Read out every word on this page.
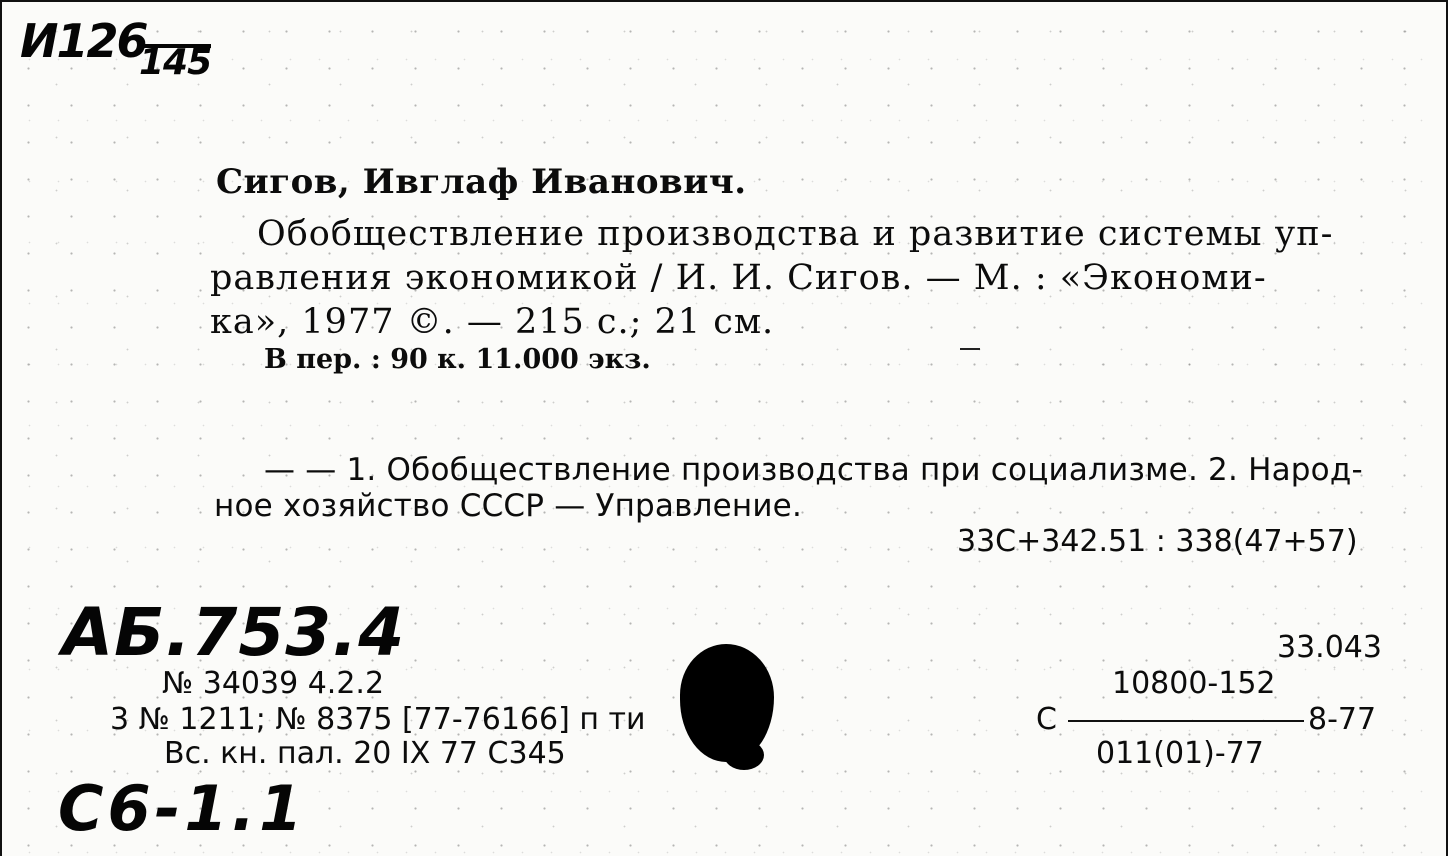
И126
145
Сигов, Ивглаф Иванович.
Обобществление производства и развитие системы уп-
равления экономикой / И. И. Сигов. — М. : «Экономи-
ка», 1977 ©. — 215 с.; 21 см.
В пер. : 90 к. 11.000 экз.
— — 1. Обобществление производства при социализме. 2. Народ-
ное хозяйство СССР — Управление.
33С+342.51 : 338(47+57)
АБ.753.4
№ 34039 4.2.2
3 № 1211; № 8375 [77-76166] п ти
Вс. кн. пал. 20 IX 77 С345
33.043
10800-152
С	8-77
011(01)-77
С6-1.1
